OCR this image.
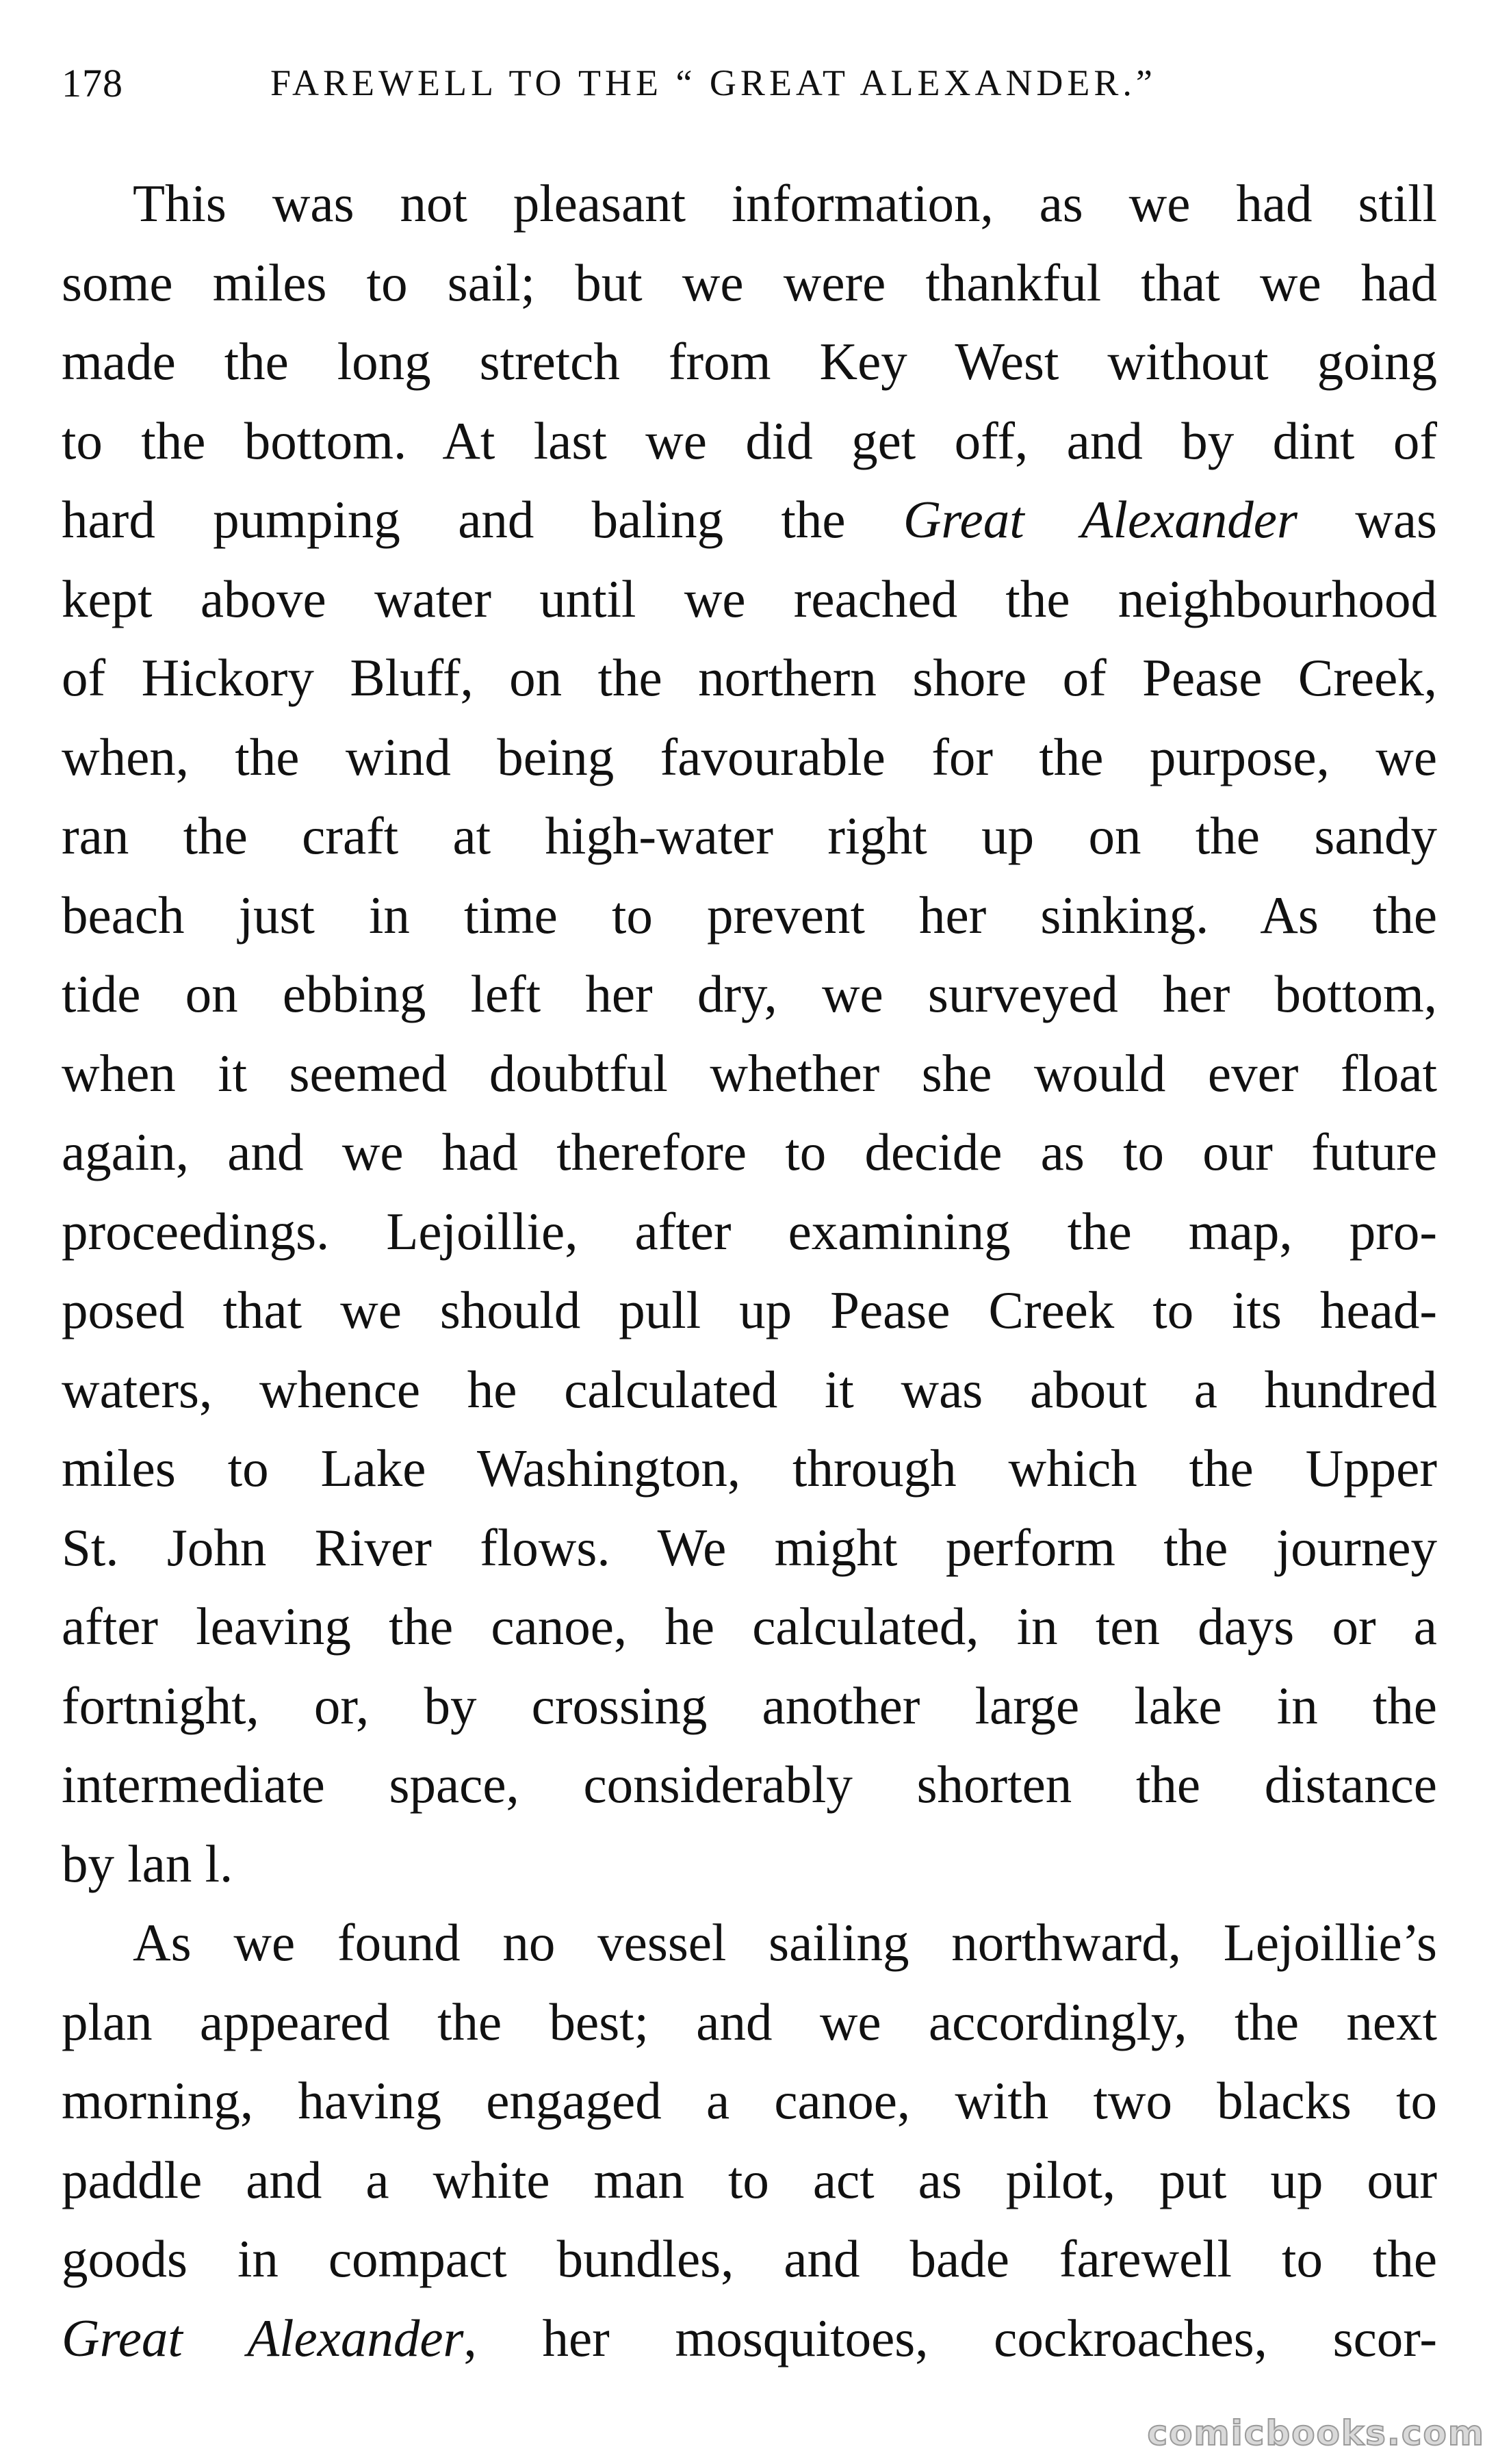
178	FAREWELL TO THE “ GREAT ALEXANDER.”
This was not pleasant information, as we had still
some miles to sail; but we were thankful that we had
made the long stretch from Key West without going
to the bottom. At last we did get off, and by dint of
hard pumping and baling the Great Alexander was
kept above water until we reached the neighbourhood
of Hickory Bluff, on the northern shore of Pease Creek,
when, the wind being favourable for the purpose, we
ran the craft at high-water right up on the sandy
beach just in time to prevent her sinking. As the
tide on ebbing left her dry, we surveyed her bottom,
when it seemed doubtful whether she would ever float
again, and we had therefore to decide as to our future
proceedings. Lejoillie, after examining the map, pro-
posed that we should pull up Pease Creek to its head-
waters, whence he calculated it was about a hundred
miles to Lake Washington, through which the Upper
St. John River flows. We might perform the journey
after leaving the canoe, he calculated, in ten days or a
fortnight, or, by crossing another large lake in the
intermediate space, considerably shorten the distance
by lan l.
As we found no vessel sailing northward, Lejoillie’s
plan appeared the best; and we accordingly, the next
morning, having engaged a canoe, with two blacks to
paddle and a white man to act as pilot, put up our
goods in compact bundles, and bade farewell to the
Great Alexander, her mosquitoes, cockroaches, scor-
comicbooks.com
